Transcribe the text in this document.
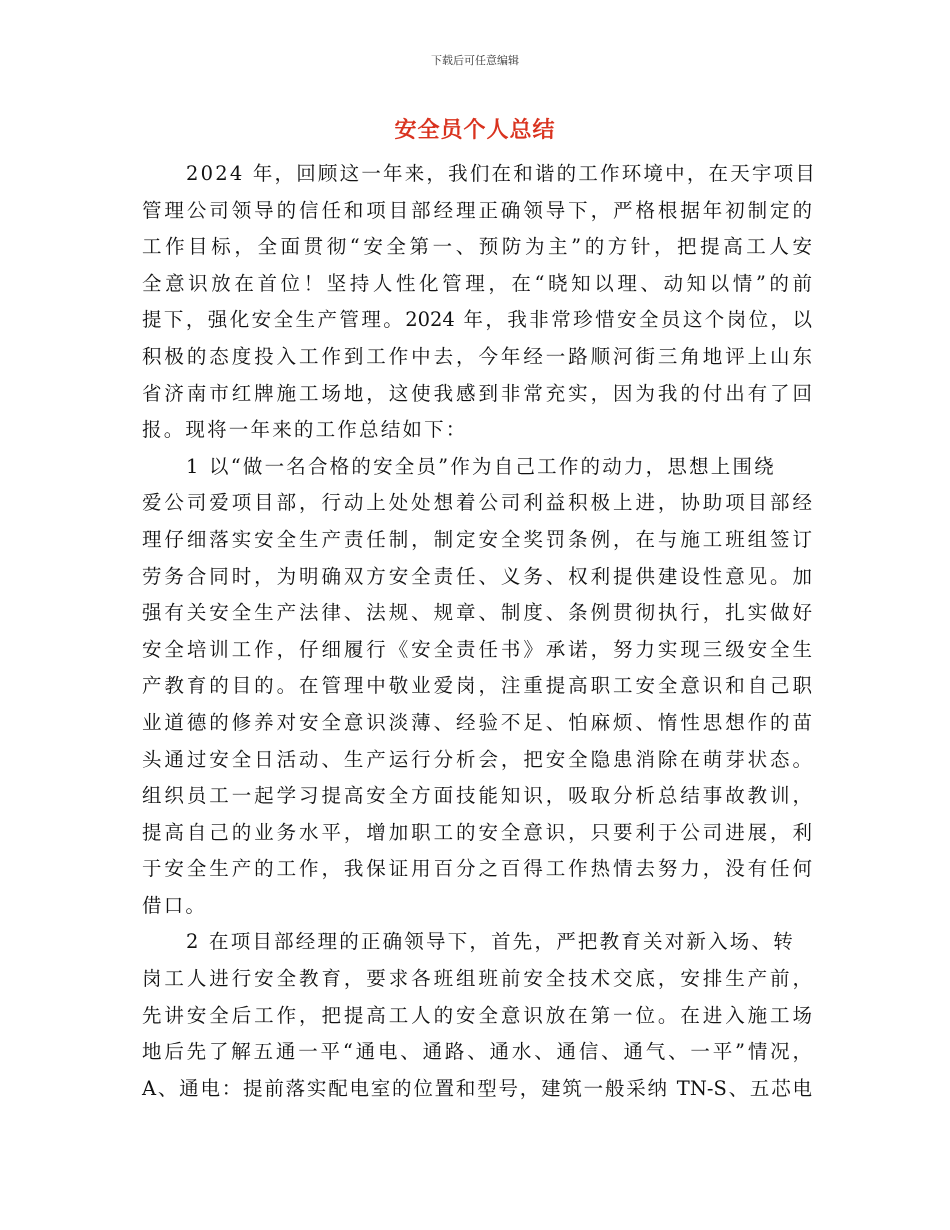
下载后可任意编辑
安全员个人总结
2024 年，回顾这一年来，我们在和谐的工作环境中，在天宇项目
管理公司领导的信任和项目部经理正确领导下，严格根据年初制定的
工作目标，全面贯彻“安全第一、预防为主”的方针，把提高工人安
全意识放在首位！坚持人性化管理，在“晓知以理、动知以情”的前
提下，强化安全生产管理。2024 年，我非常珍惜安全员这个岗位，以
积极的态度投入工作到工作中去，今年经一路顺河街三角地评上山东
省济南市红牌施工场地，这使我感到非常充实，因为我的付出有了回
报。现将一年来的工作总结如下：
1 以“做一名合格的安全员”作为自己工作的动力，思想上围绕
爱公司爱项目部，行动上处处想着公司利益积极上进，协助项目部经
理仔细落实安全生产责任制，制定安全奖罚条例，在与施工班组签订
劳务合同时，为明确双方安全责任、义务、权利提供建设性意见。加
强有关安全生产法律、法规、规章、制度、条例贯彻执行，扎实做好
安全培训工作，仔细履行《安全责任书》承诺，努力实现三级安全生
产教育的目的。在管理中敬业爱岗，注重提高职工安全意识和自己职
业道德的修养对安全意识淡薄、经验不足、怕麻烦、惰性思想作的苗
头通过安全日活动、生产运行分析会，把安全隐患消除在萌芽状态。
组织员工一起学习提高安全方面技能知识，吸取分析总结事故教训，
提高自己的业务水平，增加职工的安全意识，只要利于公司进展，利
于安全生产的工作，我保证用百分之百得工作热情去努力，没有任何
借口。
2 在项目部经理的正确领导下，首先，严把教育关对新入场、转
岗工人进行安全教育，要求各班组班前安全技术交底，安排生产前，
先讲安全后工作，把提高工人的安全意识放在第一位。在进入施工场
地后先了解五通一平“通电、通路、通水、通信、通气、一平”情况，
A、通电：提前落实配电室的位置和型号，建筑一般采纳 TN-S、五芯电
